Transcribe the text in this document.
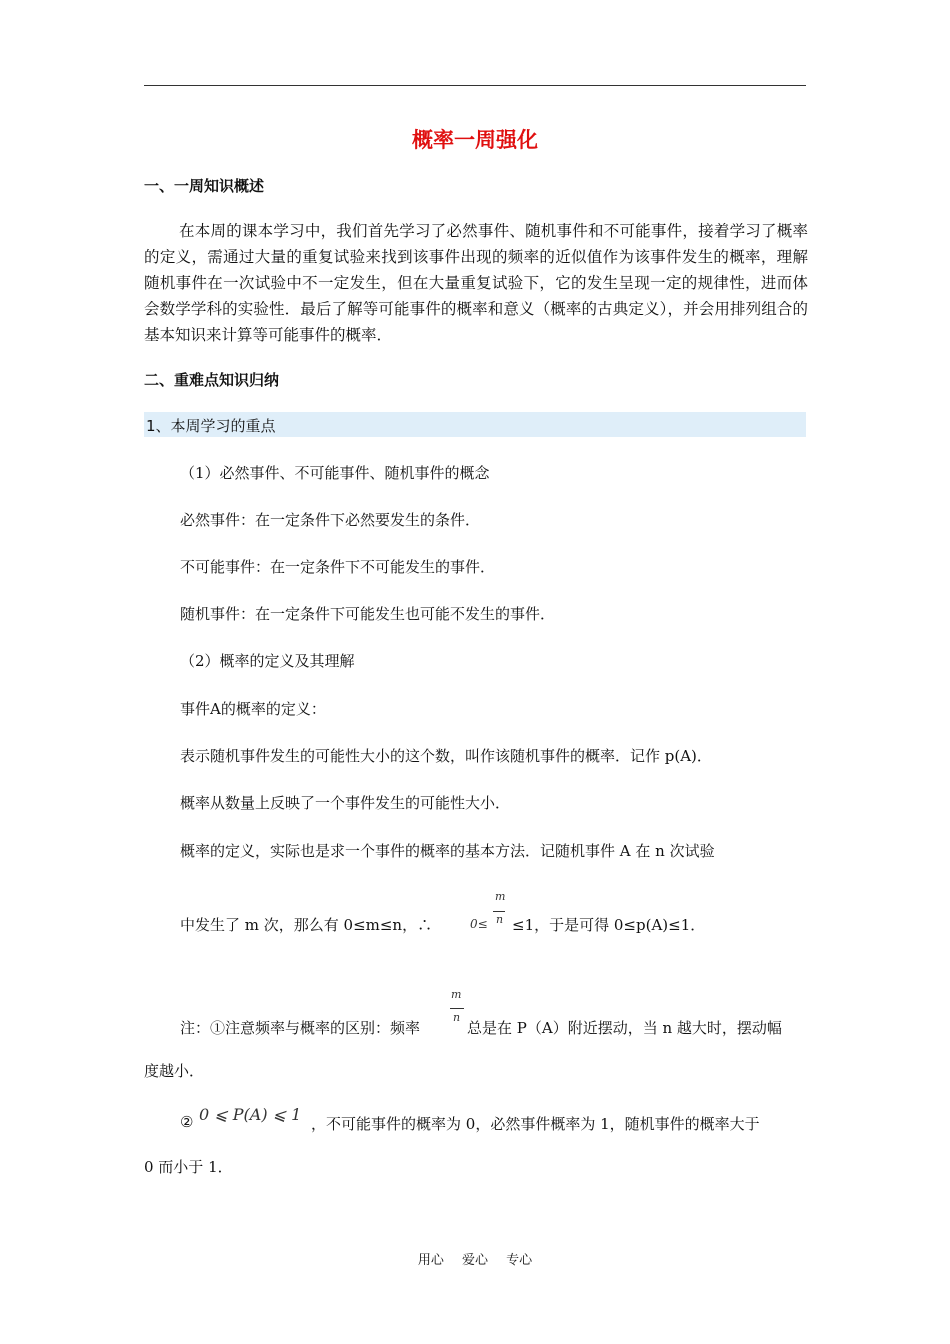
概率一周强化
一、一周知识概述
在本周的课本学习中，我们首先学习了必然事件、随机事件和不可能事件，接着学习了概率的定义，需通过大量的重复试验来找到该事件出现的频率的近似值作为该事件发生的概率，理解随机事件在一次试验中不一定发生，但在大量重复试验下，它的发生呈现一定的规律性，进而体会数学学科的实验性．最后了解等可能事件的概率和意义（概率的古典定义），并会用排列组合的基本知识来计算等可能事件的概率．
二、重难点知识归纳
1、本周学习的重点
（1）必然事件、不可能事件、随机事件的概念
必然事件：在一定条件下必然要发生的条件．
不可能事件：在一定条件下不可能发生的事件．
随机事件：在一定条件下可能发生也可能不发生的事件．
（2）概率的定义及其理解
事件A的概率的定义：
表示随机事件发生的可能性大小的这个数，叫作该随机事件的概率．记作 p(A)．
概率从数量上反映了一个事件发生的可能性大小．
概率的定义，实际也是求一个事件的概率的基本方法．记随机事件 A 在 n 次试验
中发生了 m 次，那么有 0≤m≤n，∴	0≤
m
n ≤1，于是可得 0≤p(A)≤1．
注：①注意频率与概率的区别：频率
m
n
总是在 P（A）附近摆动，当 n 越大时，摆动幅
度越小．
② 0 ⩽ P(A) ⩽ 1 ，不可能事件的概率为 0，必然事件概率为 1，随机事件的概率大于
0 而小于 1．
用心 爱心 专心
